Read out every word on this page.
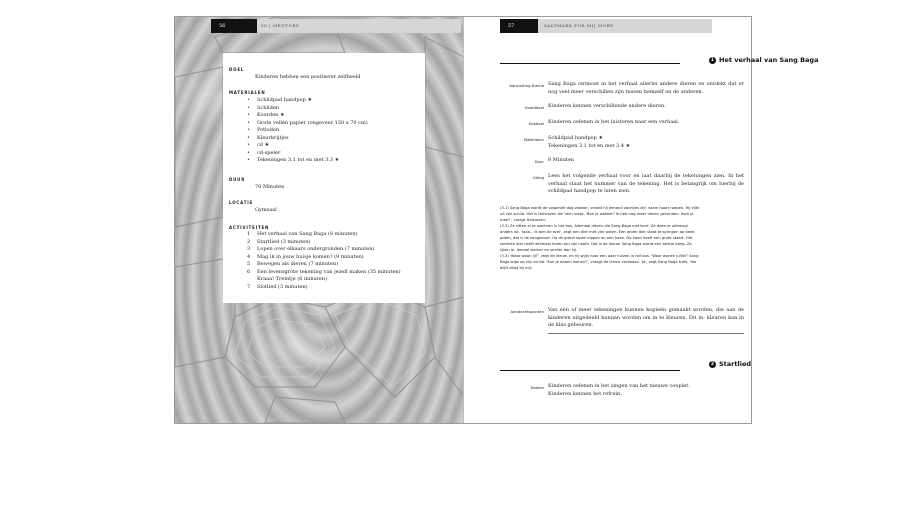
56	56 | MENTORS
DOEL
Kinderen hebben een positiever zelfbeeld
MATERIALEN
• Schildpad handpop ★
• Schilden
• Koorden ★
• Grote vellen papier (ongeveer 150 x 70 cm)
• Potloden
• Kleurkrijtjes
• cd ★
• cd-speler
• Tekeningen 3.1 tot en met 3.3 ★
DUUR
70 Minuten
LOCATIE
Gymzaal
ACTIVITEITEN
1 Het verhaal van Sang Baga (8 minuten)
2 Startlied (3 minuten)
3 Lopen over elkaars ondergronden (7 minuten)
4 Mag ik in jouw huisje komen? (9 minuten)
5 Bewegen als dieren (7 minuten)
6 Een levensgrote tekening van jezelf maken (35 minuten)
Kraaa! Treintje (6 minuten)
7 Slotlied (3 minuten)
57	SALTMARK FOR MIJ MORE
1 Het verhaal van Sang Baga
Aansluiting thema Sang Baga ontmoet in het verhaal allerlei andere dieren en ontdekt dat er nog veel meer verschillen zijn tussen hemzelf en de anderen.
Hoofddoel Kinderen kennen verschillende andere dieren.
Subdoel Kinderen oefenen in het luisteren naar een verhaal.
Materialen Schildpad handpop ★
Tekeningen 3.1 tot en met 3.4 ★
Duur 8 Minuten
Uitleg Lees het volgende verhaal voor en laat daarbij de tekeningen zien. In het verhaal staat het nummer van de tekening. Het is belangrijk om hierbij de schildpad handpop te laten zien.

(3.1) Sang Baga wordt de volgende dag wakker, omdat hij iemand zachtjes zijn naam hoort roepen. Hij kijkt uit zijn schild. Het is Halsrozen die hem roept. 'Ben je wakker? Ik heb nog meer dieren gevonden. Kom je mee?', vraagt Halsrozen.

(3.2) Ze zitten al te wachten in het bos. Allemaal dieren die Sang Baga niet kent. Ze doen er allemaal anders uit. 'Iaaa... ik ben de ezel', zegt een dier met vier poten. Een ander dier staat te springen op twee poten, dat is de kangoeroe. Op de grond lopen kippen en een haan. De haan heeft een grote staart. Het sterkste dier heeft allemaal haren om zijn hoofd. Dat is de leeuw. Sang Baga wordt een beetje bang. Ze lijken al- lemaal sterker en sneller dan hij.

(3.3) 'Waar woon jij?', zegt de leeuw, en hij wijst naar een paar huizen in het bos. 'Waar wonen jullie?' Sang Baga wijst op zijn schild. 'Kun je daarin wonen?', vraagt de leeuw verbaasd. 'Ja', zegt Sang Baga trots, 'die blijft altijd bij mij.'

Aandachtspunten Van één of meer tekeningen kunnen kopieën gemaakt worden, die aan de kinderen uitgedeeld kunnen worden om in te kleuren. Dit in- kleuren kan in de klas gebeuren.
2 Startlied
Doelen Kinderen oefenen in het zingen van het nieuwe couplet.
Kinderen kennen het refrein.
